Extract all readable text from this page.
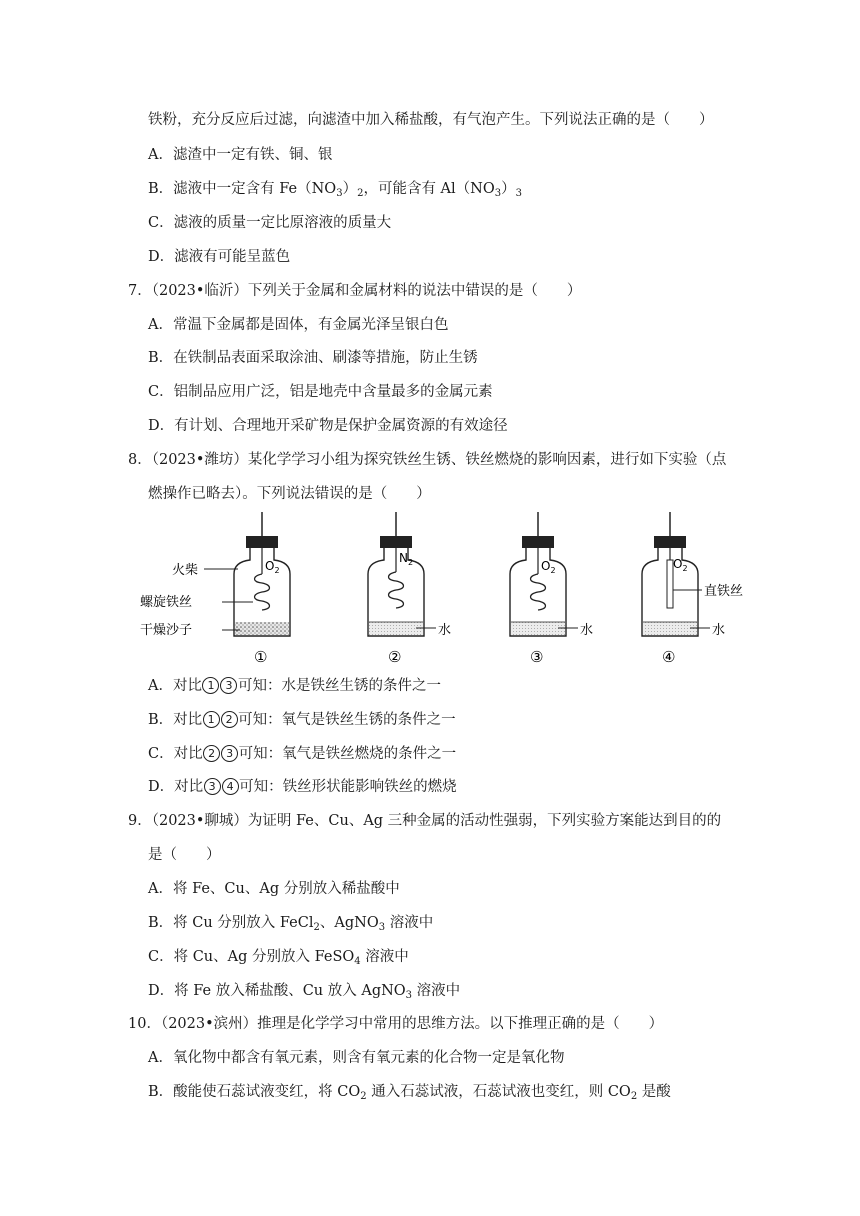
铁粉，充分反应后过滤，向滤渣中加入稀盐酸，有气泡产生。下列说法正确的是（　　）
A．滤渣中一定有铁、铜、银
B．滤液中一定含有 $Fe(NO_3)_2$，可能含有 $Al(NO_3)_3$
C．滤液的质量一定比原溶液的质量大
D．滤液有可能呈蓝色
7．（2023•临沂）下列关于金属和金属材料的说法中错误的是（　　）
A．常温下金属都是固体，有金属光泽呈银白色
B．在铁制品表面采取涂油、刷漆等措施，防止生锈
C．铝制品应用广泛，铝是地壳中含量最多的金属元素
D．有计划、合理地开采矿物是保护金属资源的有效途径
8．（2023•潍坊）某化学学习小组为探究铁丝生锈、铁丝燃烧的影响因素，进行如下实验（点
燃操作已略去）。下列说法错误的是（　　）
$O_2$
火柴
螺旋铁丝
干燥沙子
①
$N_2$
水
②
$O_2$
水
③
$O_2$
直铁丝
水
④
A．对比 1 3 可知：水是铁丝生锈的条件之一
B．对比 1 2 可知：氧气是铁丝生锈的条件之一
C．对比 2 3 可知：氧气是铁丝燃烧的条件之一
D．对比 3 4 可知：铁丝形状能影响铁丝的燃烧
9．（2023•聊城）为证明 Fe、Cu、Ag 三种金属的活动性强弱，下列实验方案能达到目的的
是（　　）
A．将 Fe、Cu、Ag 分别放入稀盐酸中
B．将 Cu 分别放入 FeCl$_2$、AgNO$_3$ 溶液中
C．将 Cu、Ag 分别放入 FeSO$_4$ 溶液中
D．将 Fe 放入稀盐酸、Cu 放入 AgNO$_3$ 溶液中
10．（2023•滨州）推理是化学学习中常用的思维方法。以下推理正确的是（　　）
A．氧化物中都含有氧元素，则含有氧元素的化合物一定是氧化物
B．酸能使石蕊试液变红，将 $CO_2$ 通入石蕊试液，石蕊试液也变红，则 $CO_2$ 是酸
